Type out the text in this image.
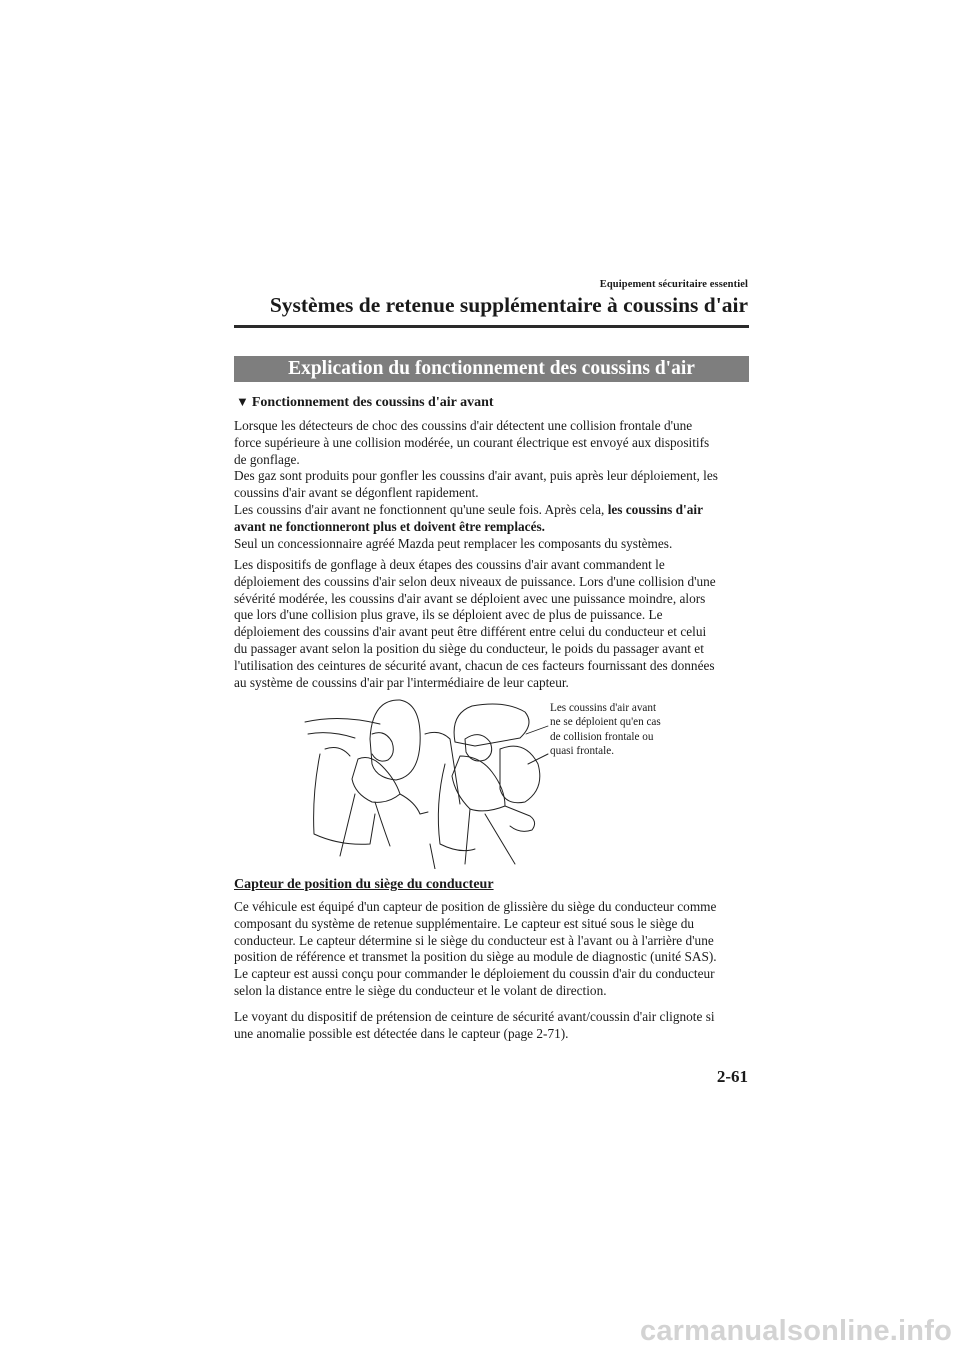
Equipement sécuritaire essentiel
Systèmes de retenue supplémentaire à coussins d'air
Explication du fonctionnement des coussins d'air
▼ Fonctionnement des coussins d'air avant

Lorsque les détecteurs de choc des coussins d'air détectent une collision frontale d'une

force supérieure à une collision modérée, un courant électrique est envoyé aux dispositifs

de gonflage.

Des gaz sont produits pour gonfler les coussins d'air avant, puis après leur déploiement, les

coussins d'air avant se dégonflent rapidement.

Les coussins d'air avant ne fonctionnent qu'une seule fois. Après cela, les coussins d'air

avant ne fonctionneront plus et doivent être remplacés.

Seul un concessionnaire agréé Mazda peut remplacer les composants du systèmes.

Les dispositifs de gonflage à deux étapes des coussins d'air avant commandent le

déploiement des coussins d'air selon deux niveaux de puissance. Lors d'une collision d'une

sévérité modérée, les coussins d'air avant se déploient avec une puissance moindre, alors

que lors d'une collision plus grave, ils se déploient avec de plus de puissance. Le

déploiement des coussins d'air avant peut être différent entre celui du conducteur et celui

du passager avant selon la position du siège du conducteur, le poids du passager avant et

l'utilisation des ceintures de sécurité avant, chacun de ces facteurs fournissant des données

au système de coussins d'air par l'intermédiaire de leur capteur.

Les coussins d'air avant
ne se déploient qu'en cas
de collision frontale ou
quasi frontale.
Capteur de position du siège du conducteur

Ce véhicule est équipé d'un capteur de position de glissière du siège du conducteur comme

composant du système de retenue supplémentaire. Le capteur est situé sous le siège du

conducteur. Le capteur détermine si le siège du conducteur est à l'avant ou à l'arrière d'une

position de référence et transmet la position du siège au module de diagnostic (unité SAS).

Le capteur est aussi conçu pour commander le déploiement du coussin d'air du conducteur

selon la distance entre le siège du conducteur et le volant de direction.

Le voyant du dispositif de prétension de ceinture de sécurité avant/coussin d'air clignote si

une anomalie possible est détectée dans le capteur (page 2-71).

2-61
carmanualsonline.info
